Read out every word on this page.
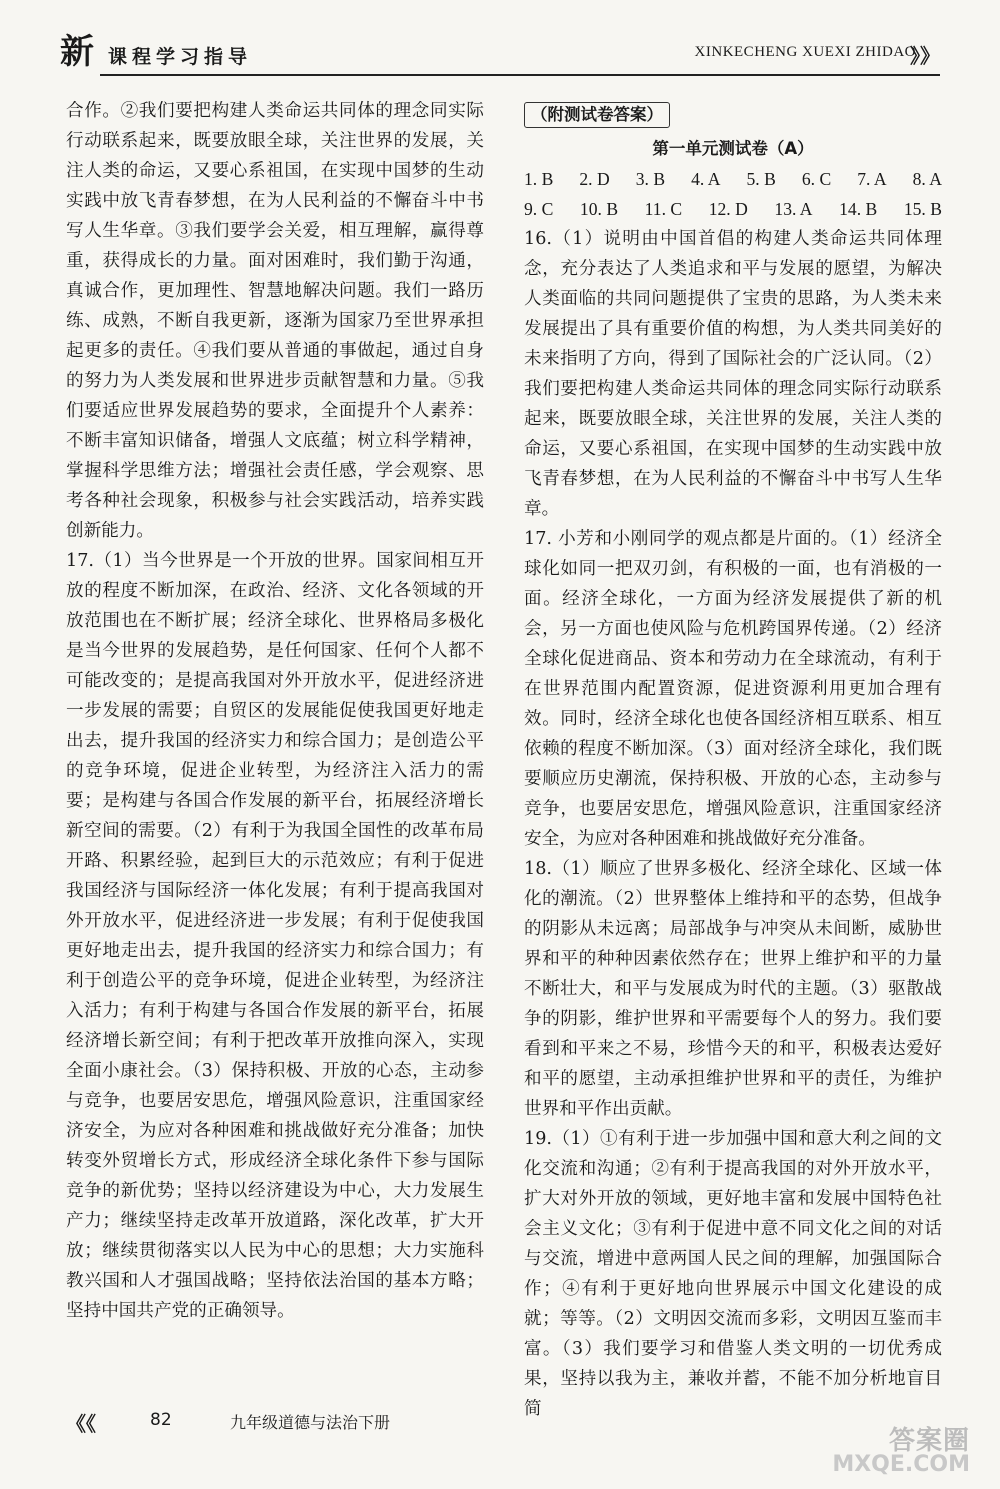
新 课程学习指导	XINKECHENG XUEXI ZHIDAO
》》

合作。②我们要把构建人类命运共同体的理念同实际行动联系起来，既要放眼全球，关注世界的发展，关注人类的命运，又要心系祖国，在实现中国梦的生动实践中放飞青春梦想，在为人民利益的不懈奋斗中书写人生华章。③我们要学会关爱，相互理解，赢得尊重，获得成长的力量。面对困难时，我们勤于沟通，真诚合作，更加理性、智慧地解决问题。我们一路历练、成熟，不断自我更新，逐渐为国家乃至世界承担起更多的责任。④我们要从普通的事做起，通过自身的努力为人类发展和世界进步贡献智慧和力量。⑤我们要适应世界发展趋势的要求，全面提升个人素养：不断丰富知识储备，增强人文底蕴；树立科学精神，掌握科学思维方法；增强社会责任感，学会观察、思考各种社会现象，积极参与社会实践活动，培养实践创新能力。

17.（1）当今世界是一个开放的世界。国家间相互开放的程度不断加深，在政治、经济、文化各领域的开放范围也在不断扩展；经济全球化、世界格局多极化是当今世界的发展趋势，是任何国家、任何个人都不可能改变的；是提高我国对外开放水平，促进经济进一步发展的需要；自贸区的发展能促使我国更好地走出去，提升我国的经济实力和综合国力；是创造公平的竞争环境，促进企业转型，为经济注入活力的需要；是构建与各国合作发展的新平台，拓展经济增长新空间的需要。（2）有利于为我国全国性的改革布局开路、积累经验，起到巨大的示范效应；有利于促进我国经济与国际经济一体化发展；有利于提高我国对外开放水平，促进经济进一步发展；有利于促使我国更好地走出去，提升我国的经济实力和综合国力；有利于创造公平的竞争环境，促进企业转型，为经济注入活力；有利于构建与各国合作发展的新平台，拓展经济增长新空间；有利于把改革开放推向深入，实现全面小康社会。（3）保持积极、开放的心态，主动参与竞争，也要居安思危，增强风险意识，注重国家经济安全，为应对各种困难和挑战做好充分准备；加快转变外贸增长方式，形成经济全球化条件下参与国际竞争的新优势；坚持以经济建设为中心，大力发展生产力；继续坚持走改革开放道路，深化改革，扩大开放；继续贯彻落实以人民为中心的思想；大力实施科教兴国和人才强国战略；坚持依法治国的基本方略；坚持中国共产党的正确领导。

（附测试卷答案）
第一单元测试卷（A）
1. B 2. D 3. B 4. A 5. B 6. C 7. A 8. A
9. C 10. B 11. C 12. D 13. A 14. B 15. B

16.（1）说明由中国首倡的构建人类命运共同体理念，充分表达了人类追求和平与发展的愿望，为解决人类面临的共同问题提供了宝贵的思路，为人类未来发展提出了具有重要价值的构想，为人类共同美好的未来指明了方向，得到了国际社会的广泛认同。（2）我们要把构建人类命运共同体的理念同实际行动联系起来，既要放眼全球，关注世界的发展，关注人类的命运，又要心系祖国，在实现中国梦的生动实践中放飞青春梦想，在为人民利益的不懈奋斗中书写人生华章。

17. 小芳和小刚同学的观点都是片面的。（1）经济全球化如同一把双刃剑，有积极的一面，也有消极的一面。经济全球化，一方面为经济发展提供了新的机会，另一方面也使风险与危机跨国界传递。（2）经济全球化促进商品、资本和劳动力在全球流动，有利于在世界范围内配置资源，促进资源利用更加合理有效。同时，经济全球化也使各国经济相互联系、相互依赖的程度不断加深。（3）面对经济全球化，我们既要顺应历史潮流，保持积极、开放的心态，主动参与竞争，也要居安思危，增强风险意识，注重国家经济安全，为应对各种困难和挑战做好充分准备。

18.（1）顺应了世界多极化、经济全球化、区域一体化的潮流。（2）世界整体上维持和平的态势，但战争的阴影从未远离；局部战争与冲突从未间断，威胁世界和平的种种因素依然存在；世界上维护和平的力量不断壮大，和平与发展成为时代的主题。（3）驱散战争的阴影，维护世界和平需要每个人的努力。我们要看到和平来之不易，珍惜今天的和平，积极表达爱好和平的愿望，主动承担维护世界和平的责任，为维护世界和平作出贡献。

19.（1）①有利于进一步加强中国和意大利之间的文化交流和沟通；②有利于提高我国的对外开放水平，扩大对外开放的领域，更好地丰富和发展中国特色社会主义文化；③有利于促进中意不同文化之间的对话与交流，增进中意两国人民之间的理解，加强国际合作；④有利于更好地向世界展示中国文化建设的成就；等等。（2）文明因交流而多彩，文明因互鉴而丰富。（3）我们要学习和借鉴人类文明的一切优秀成果，坚持以我为主，兼收并蓄，不能不加分析地盲目简

《《	82	九年级道德与法治下册
答案圈
MXQE.COM
